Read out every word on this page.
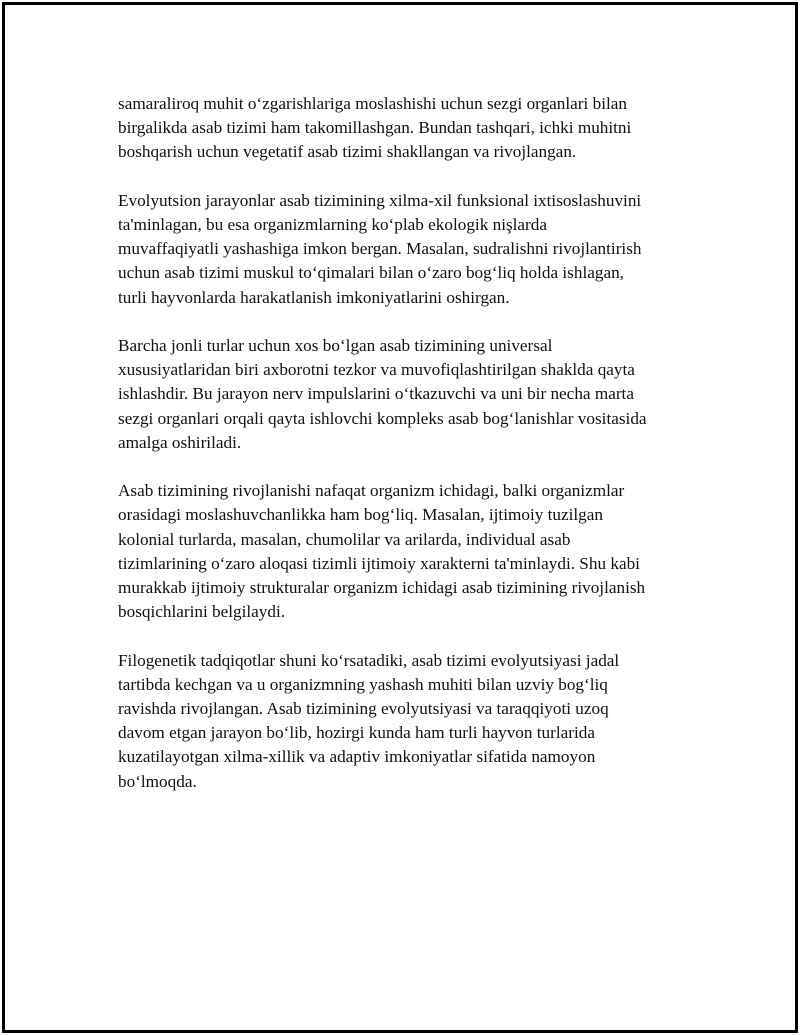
samaraliroq muhit oʻzgarishlariga moslashishi uchun sezgi organlari bilan
birgalikda asab tizimi ham takomillashgan. Bundan tashqari, ichki muhitni
boshqarish uchun vegetatif asab tizimi shakllangan va rivojlangan.

Evolyutsion jarayonlar asab tizimining xilma-xil funksional ixtisoslashuvini
ta'minlagan, bu esa organizmlarning koʻplab ekologik nişlarda
muvaffaqiyatli yashashiga imkon bergan. Masalan, sudralishni rivojlantirish
uchun asab tizimi muskul toʻqimalari bilan oʻzaro bogʻliq holda ishlagan,
turli hayvonlarda harakatlanish imkoniyatlarini oshirgan.

Barcha jonli turlar uchun xos boʻlgan asab tizimining universal
xususiyatlaridan biri axborotni tezkor va muvofiqlashtirilgan shaklda qayta
ishlashdir. Bu jarayon nerv impulslarini oʻtkazuvchi va uni bir necha marta
sezgi organlari orqali qayta ishlovchi kompleks asab bogʻlanishlar vositasida
amalga oshiriladi.

Asab tizimining rivojlanishi nafaqat organizm ichidagi, balki organizmlar
orasidagi moslashuvchanlikka ham bogʻliq. Masalan, ijtimoiy tuzilgan
kolonial turlarda, masalan, chumolilar va arilarda, individual asab
tizimlarining oʻzaro aloqasi tizimli ijtimoiy xarakterni ta'minlaydi. Shu kabi
murakkab ijtimoiy strukturalar organizm ichidagi asab tizimining rivojlanish
bosqichlarini belgilaydi.

Filogenetik tadqiqotlar shuni koʻrsatadiki, asab tizimi evolyutsiyasi jadal
tartibda kechgan va u organizmning yashash muhiti bilan uzviy bogʻliq
ravishda rivojlangan. Asab tizimining evolyutsiyasi va taraqqiyoti uzoq
davom etgan jarayon boʻlib, hozirgi kunda ham turli hayvon turlarida
kuzatilayotgan xilma-xillik va adaptiv imkoniyatlar sifatida namoyon
boʻlmoqda.
